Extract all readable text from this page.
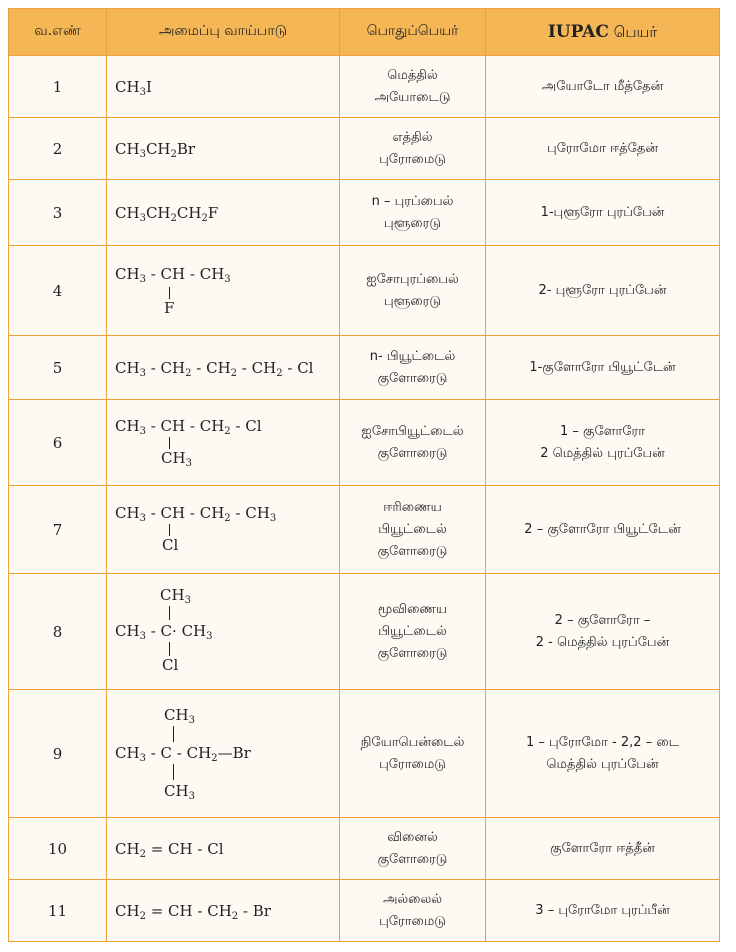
வ.எண்	அமைப்பு வாய்பாடு	பொதுப்பெயர்	IUPAC பெயர்
1	$CH_3I$	மெத்தில்
அயோடைடு	அயோடோ மீத்தேன்

2	$CH_3CH_2Br$	எத்தில்
புரோமைடு	புரோமோ ஈத்தேன்

3	$CH_3CH_2CH_2F$	n – புரப்பைல்
புளூரைடு	1-புளூரோ புரப்பேன்

4	$CH_3$ - CH - $CH_3$
F	ஐசோபுரப்பைல்
புளூரைடு	2- புளூரோ புரப்பேன்

5	$CH_3 - CH_2 - CH_2 - CH_2$ - Cl	n- பியூட்டைல்
குளோரைடு	1-குளோரோ பியூட்டேன்

6	$CH_3$ - CH - $CH_2$ - Cl
$CH_3$	ஐசோபியூட்டைல்
குளோரைடு	1 – குளோரோ
2 மெத்தில் புரப்பேன்

7	$CH_3$ - CH - $CH_2 - CH_3$
Cl	ஈரிணைய
பியூட்டைல்
குளோரைடு	2 – குளோரோ பியூட்டேன்

8	$CH_3$
$CH_3 - C\cdot CH_3$
Cl	மூவிணைய
பியூட்டைல்
குளோரைடு	2 – குளோரோ –
2 - மெத்தில் புரப்பேன்

9	$CH_3$
$CH_3$ - C - $CH_2—Br$
$CH_3$	நியோபென்டைல்
புரோமைடு	1 – புரோமோ - 2,2 – டை
மெத்தில் புரப்பேன்

10	$CH_2$ = CH - Cl	வினைல்
குளோரைடு	குளோரோ ஈத்தீன்

11	$CH_2$ = CH - $CH_2$ - Br	அல்லைல்
புரோமைடு	3 – புரோமோ புரப்பீன்
